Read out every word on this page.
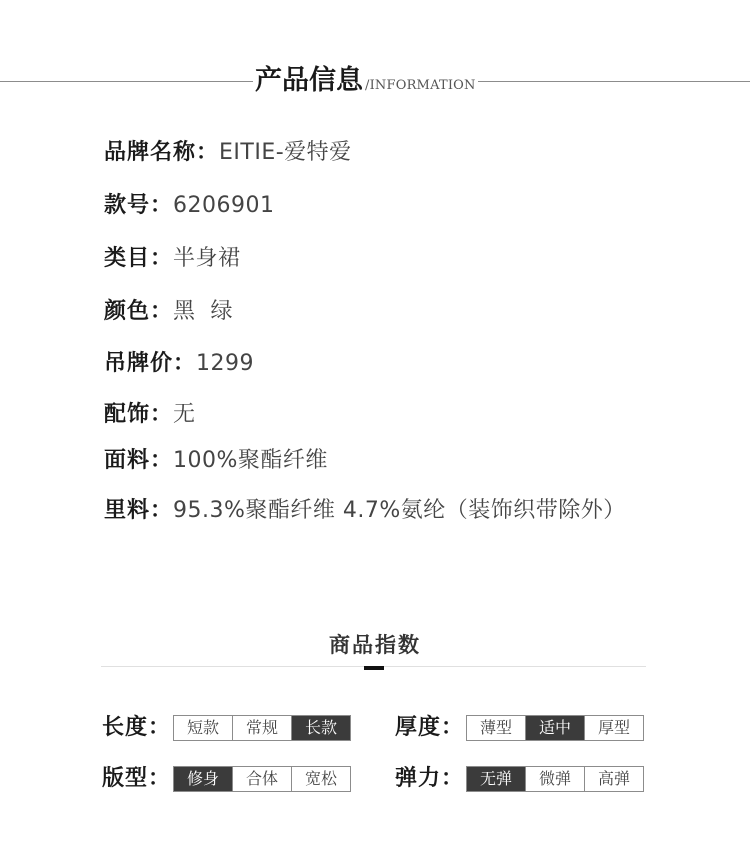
产品信息 /INFORMATION
品牌名称：EITIE-爱特爱
款号：6206901
类目：半身裙
颜色：黑  绿
吊牌价：1299
配饰：无
面料：100%聚酯纤维
里料：95.3%聚酯纤维 4.7%氨纶（装饰织带除外）
商品指数
长度： 短款	常规	长款	厚度： 薄型	适中	厚型
版型： 修身	合体	宽松	弹力： 无弹	微弹	高弹
